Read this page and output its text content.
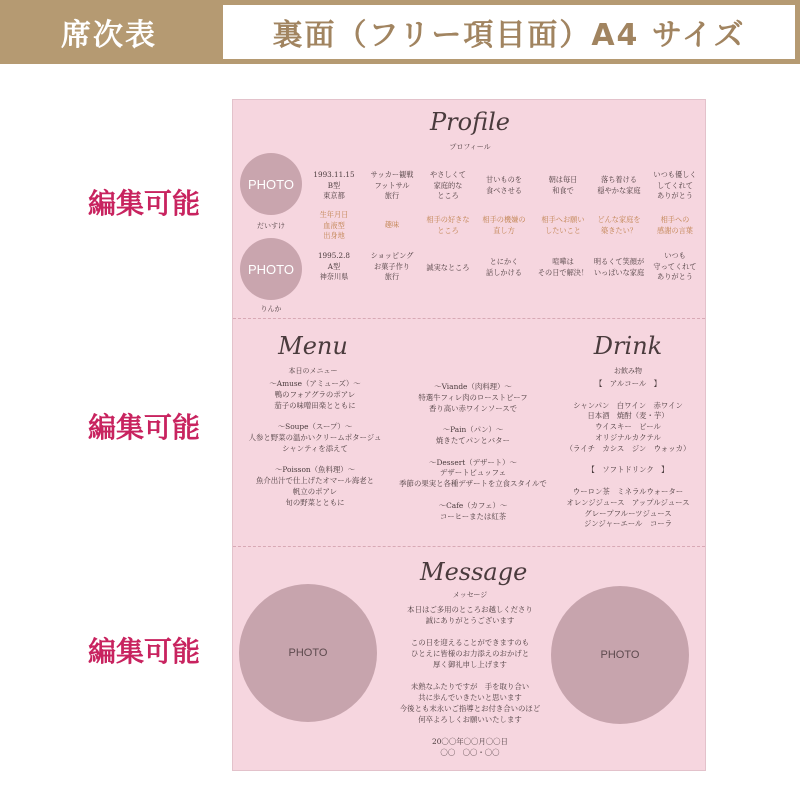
席次表	裏面（フリー項目面）A4 サイズ
編集可能
編集可能
編集可能
Profile
プロフィール
PHOTO
だいすけ
PHOTO
りんか
1993.11.15
B型
東京都
サッカー観戦
フットサル
旅行
やさしくて
家庭的な
ところ
甘いものを
食べさせる
朝は毎日
和食で
落ち着ける
穏やかな家庭
いつも優しく
してくれて
ありがとう
生年月日
血液型
出身地
趣味
相手の好きな
ところ
相手の機嫌の
直し方
相手へお願い
したいこと
どんな家庭を
築きたい？
相手への
感謝の言葉
1995.2.8
A型
神奈川県
ショッピング
お菓子作り
旅行
誠実なところ
とにかく
話しかける
喧嘩は
その日で解決！
明るくて笑顔が
いっぱいな家庭
いつも
守ってくれて
ありがとう
Menu
本日のメニュー
～Amuse（アミューズ）～
鴨のフォアグラのポアレ
茄子の味噌田楽とともに

～Soupe（スープ）～
人参と野菜の温かいクリームポタージュ
シャンティを添えて

～Poisson（魚料理）～
魚介出汁で仕上げたオマール海老と
帆立のポアレ
旬の野菜とともに
～Viande（肉料理）～
特選牛フィレ肉のローストビーフ
香り高い赤ワインソースで

～Pain（パン）～
焼きたてパンとバター

～Dessert（デザート）～
デザートビュッフェ
季節の果実と各種デザートを立食スタイルで

～Cafe（カフェ）～
コーヒーまたは紅茶
Drink
お飲み物
【　アルコール　】

シャンパン　白ワイン　赤ワイン
日本酒　焼酎（麦・芋）
ウイスキー　ビール
オリジナルカクテル
（ライチ　カシス　ジン　ウォッカ）

【　ソフトドリンク　】

ウーロン茶　ミネラルウォーター
オレンジジュース　アップルジュース
グレープフルーツジュース
ジンジャーエール　コーラ
Message
メッセージ
PHOTO	PHOTO
本日はご多用のところお越しくださり
誠にありがとうございます

この日を迎えることができますのも
ひとえに皆様のお力添えのおかげと
厚く御礼申し上げます

未熟なふたりですが　手を取り合い
共に歩んでいきたいと思います
今後とも末永いご指導とお付き合いのほど
何卒よろしくお願いいたします

20〇〇年〇〇月〇〇日
〇〇　〇〇・〇〇
